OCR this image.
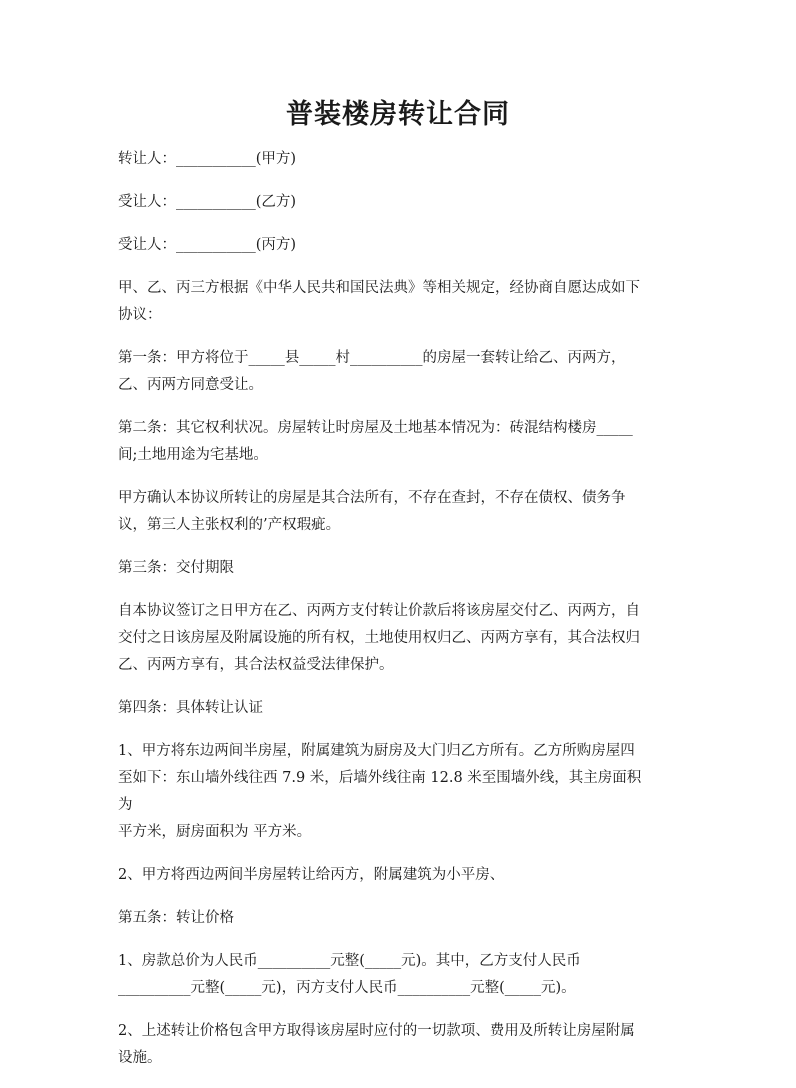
普装楼房转让合同

转让人：___________(甲方)

受让人：___________(乙方)

受让人：___________(丙方)

甲、乙、丙三方根据《中华人民共和国民法典》等相关规定，经协商自愿达成如下
协议：

第一条：甲方将位于_____县_____村__________的房屋一套转让给乙、丙两方，
乙、丙两方同意受让。

第二条：其它权利状况。房屋转让时房屋及土地基本情况为：砖混结构楼房_____
间;土地用途为宅基地。

甲方确认本协议所转让的房屋是其合法所有，不存在查封，不存在债权、债务争
议，第三人主张权利的’产权瑕疵。

第三条：交付期限

自本协议签订之日甲方在乙、丙两方支付转让价款后将该房屋交付乙、丙两方，自
交付之日该房屋及附属设施的所有权，土地使用权归乙、丙两方享有，其合法权归
乙、丙两方享有，其合法权益受法律保护。

第四条：具体转让认证

1、甲方将东边两间半房屋，附属建筑为厨房及大门归乙方所有。乙方所购房屋四
至如下：东山墙外线往西 7.9 米，后墙外线往南 12.8 米至围墙外线，其主房面积
为
平方米，厨房面积为 平方米。

2、甲方将西边两间半房屋转让给丙方，附属建筑为小平房、

第五条：转让价格

1、房款总价为人民币__________元整(_____元)。其中，乙方支付人民币
__________元整(_____元)，丙方支付人民币__________元整(_____元)。

2、上述转让价格包含甲方取得该房屋时应付的一切款项、费用及所转让房屋附属
设施。
